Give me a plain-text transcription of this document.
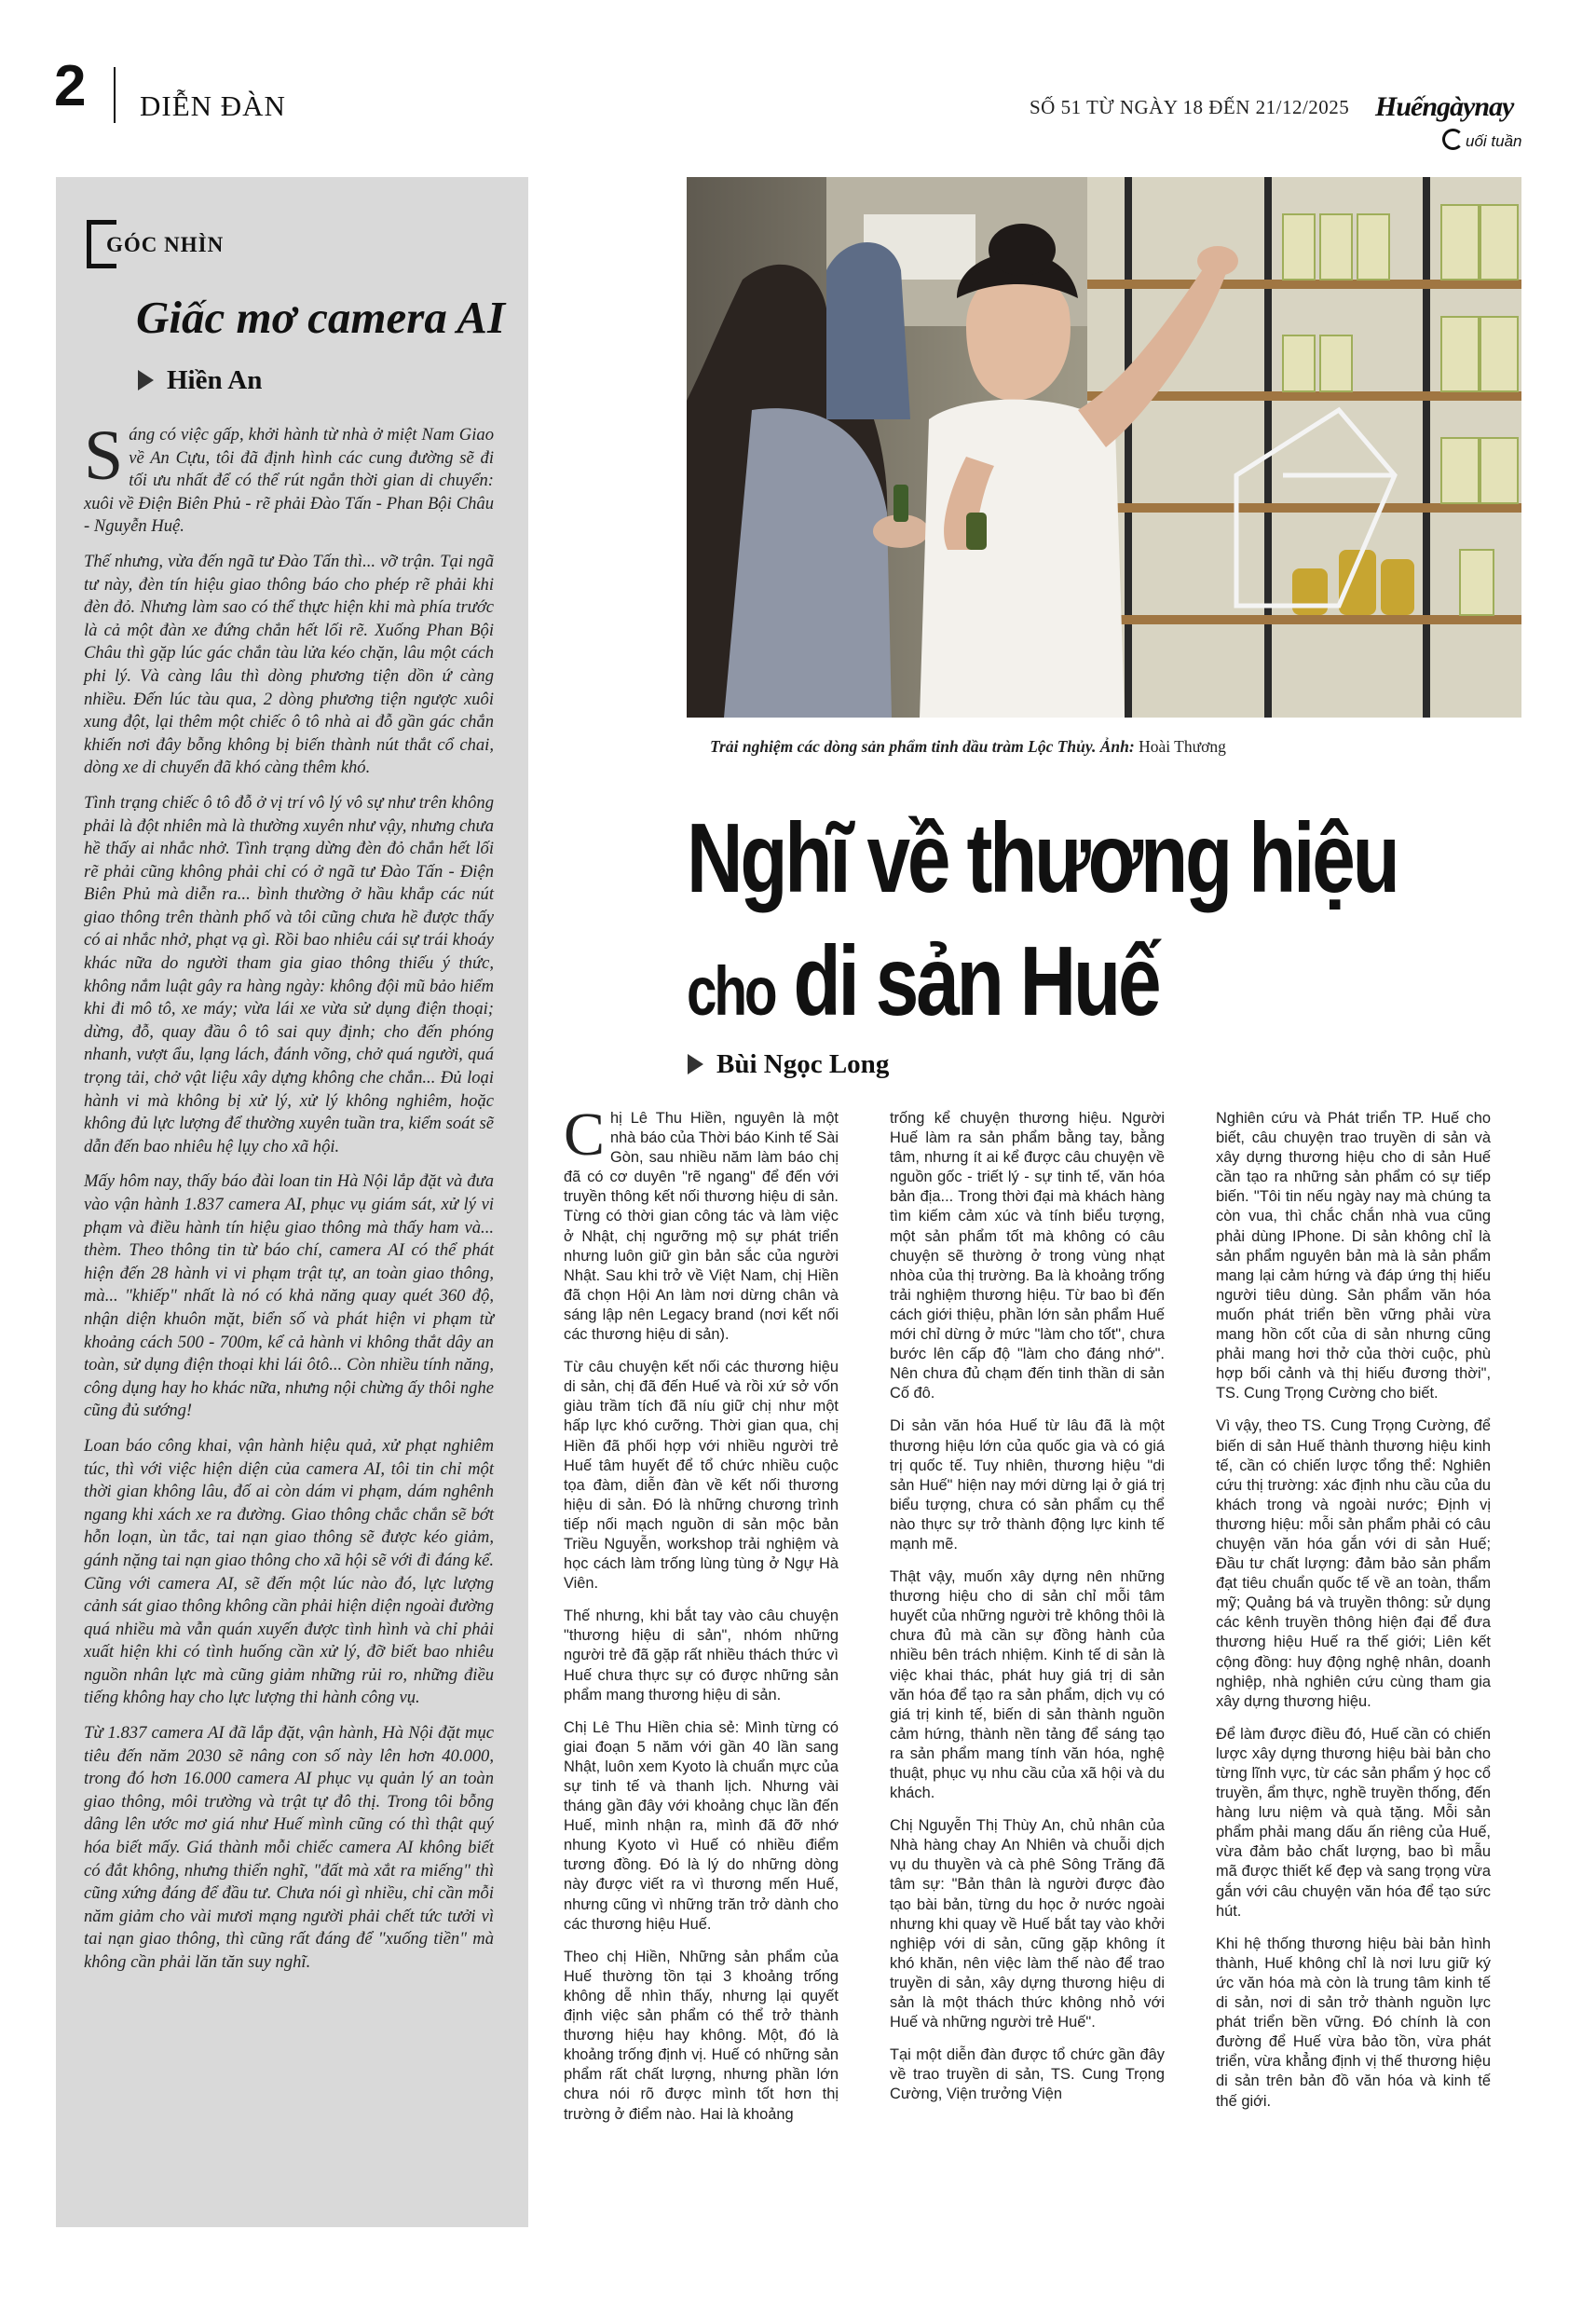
2 DIỄN ĐÀN	SỐ 51 TỪ NGÀY 18 ĐẾN 21/12/2025 Huếngàynay
uối tuần
GÓC NHÌN
Giấc mơ camera AI
Hiền An

Sáng có việc gấp, khởi hành từ nhà ở miệt Nam Giao về An Cựu, tôi đã định hình các cung đường sẽ đi tối ưu nhất để có thể rút ngắn thời gian di chuyển: xuôi về Điện Biên Phủ - rẽ phải Đào Tấn - Phan Bội Châu - Nguyễn Huệ.

Thế nhưng, vừa đến ngã tư Đào Tấn thì... vỡ trận. Tại ngã tư này, đèn tín hiệu giao thông báo cho phép rẽ phải khi đèn đỏ. Nhưng làm sao có thể thực hiện khi mà phía trước là cả một đàn xe đứng chắn hết lối rẽ. Xuống Phan Bội Châu thì gặp lúc gác chắn tàu lửa kéo chặn, lâu một cách phi lý. Và càng lâu thì dòng phương tiện dồn ứ càng nhiều. Đến lúc tàu qua, 2 dòng phương tiện ngược xuôi xung đột, lại thêm một chiếc ô tô nhà ai đỗ gần gác chắn khiến nơi đây bỗng không bị biến thành nút thắt cổ chai, dòng xe di chuyển đã khó càng thêm khó.

Tình trạng chiếc ô tô đỗ ở vị trí vô lý vô sự như trên không phải là đột nhiên mà là thường xuyên như vậy, nhưng chưa hề thấy ai nhắc nhở. Tình trạng dừng đèn đỏ chắn hết lối rẽ phải cũng không phải chỉ có ở ngã tư Đào Tấn - Điện Biên Phủ mà diễn ra... bình thường ở hầu khắp các nút giao thông trên thành phố và tôi cũng chưa hề được thấy có ai nhắc nhở, phạt vạ gì. Rồi bao nhiêu cái sự trái khoáy khác nữa do người tham gia giao thông thiếu ý thức, không nắm luật gây ra hàng ngày: không đội mũ bảo hiểm khi đi mô tô, xe máy; vừa lái xe vừa sử dụng điện thoại; dừng, đỗ, quay đầu ô tô sai quy định; cho đến phóng nhanh, vượt ẩu, lạng lách, đánh võng, chở quá người, quá trọng tải, chở vật liệu xây dựng không che chắn... Đủ loại hành vi mà không bị xử lý, xử lý không nghiêm, hoặc không đủ lực lượng để thường xuyên tuần tra, kiểm soát sẽ dẫn đến bao nhiêu hệ lụy cho xã hội.

Mấy hôm nay, thấy báo đài loan tin Hà Nội lắp đặt và đưa vào vận hành 1.837 camera AI, phục vụ giám sát, xử lý vi phạm và điều hành tín hiệu giao thông mà thấy ham và... thèm. Theo thông tin từ báo chí, camera AI có thể phát hiện đến 28 hành vi vi phạm trật tự, an toàn giao thông, mà... "khiếp" nhất là nó có khả năng quay quét 360 độ, nhận diện khuôn mặt, biển số và phát hiện vi phạm từ khoảng cách 500 - 700m, kể cả hành vi không thắt dây an toàn, sử dụng điện thoại khi lái ôtô... Còn nhiều tính năng, công dụng hay ho khác nữa, nhưng nội chừng ấy thôi nghe cũng đủ sướng!

Loan báo công khai, vận hành hiệu quả, xử phạt nghiêm túc, thì với việc hiện diện của camera AI, tôi tin chỉ một thời gian không lâu, đố ai còn dám vi phạm, dám nghênh ngang khi xách xe ra đường. Giao thông chắc chắn sẽ bớt hỗn loạn, ùn tắc, tai nạn giao thông sẽ được kéo giảm, gánh nặng tai nạn giao thông cho xã hội sẽ với đi đáng kể. Cũng với camera AI, sẽ đến một lúc nào đó, lực lượng cảnh sát giao thông không cần phải hiện diện ngoài đường quá nhiều mà vẫn quán xuyến được tình hình và chỉ phải xuất hiện khi có tình huống cần xử lý, đỡ biết bao nhiêu nguồn nhân lực mà cũng giảm những rủi ro, những điều tiếng không hay cho lực lượng thi hành công vụ.

Từ 1.837 camera AI đã lắp đặt, vận hành, Hà Nội đặt mục tiêu đến năm 2030 sẽ nâng con số này lên hơn 40.000, trong đó hơn 16.000 camera AI phục vụ quản lý an toàn giao thông, môi trường và trật tự đô thị. Trong tôi bỗng dâng lên ước mơ giá như Huế mình cũng có thì thật quý hóa biết mấy. Giá thành mỗi chiếc camera AI không biết có đắt không, nhưng thiển nghĩ, "đất mà xắt ra miếng" thì cũng xứng đáng để đầu tư. Chưa nói gì nhiều, chỉ cần mỗi năm giảm cho vài mươi mạng người phải chết tức tưởi vì tai nạn giao thông, thì cũng rất đáng để "xuống tiền" mà không cần phải lăn tăn suy nghĩ.

Trải nghiệm các dòng sản phẩm tinh dầu tràm Lộc Thủy. Ảnh: Hoài Thương
Nghĩ về thương hiệu
cho di sản Huế
Bùi Ngọc Long

Chị Lê Thu Hiền, nguyên là một nhà báo của Thời báo Kinh tế Sài Gòn, sau nhiều năm làm báo chị đã có cơ duyên "rẽ ngang" để đến với truyền thông kết nối thương hiệu di sản. Từng có thời gian công tác và làm việc ở Nhật, chị ngưỡng mộ sự phát triển nhưng luôn giữ gìn bản sắc của người Nhật. Sau khi trở về Việt Nam, chị Hiền đã chọn Hội An làm nơi dừng chân và sáng lập nên Legacy brand (nơi kết nối các thương hiệu di sản).

Từ câu chuyện kết nối các thương hiệu di sản, chị đã đến Huế và rồi xứ sở vốn giàu trầm tích đã níu giữ chị như một hấp lực khó cưỡng. Thời gian qua, chị Hiền đã phối hợp với nhiều người trẻ Huế tâm huyết để tổ chức nhiều cuộc tọa đàm, diễn đàn về kết nối thương hiệu di sản. Đó là những chương trình tiếp nối mạch nguồn di sản mộc bản Triều Nguyễn, workshop trải nghiệm và học cách làm trống lùng tùng ở Ngự Hà Viên.

Thế nhưng, khi bắt tay vào câu chuyện "thương hiệu di sản", nhóm những người trẻ đã gặp rất nhiều thách thức vì Huế chưa thực sự có được những sản phẩm mang thương hiệu di sản.

Chị Lê Thu Hiền chia sẻ: Mình từng có giai đoạn 5 năm với gần 40 lần sang Nhật, luôn xem Kyoto là chuẩn mực của sự tinh tế và thanh lịch. Nhưng vài tháng gần đây với khoảng chục lần đến Huế, mình nhận ra, mình đã đỡ nhớ nhung Kyoto vì Huế có nhiều điểm tương đồng. Đó là lý do những dòng này được viết ra vì thương mến Huế, nhưng cũng vì những trăn trở dành cho các thương hiệu Huế.

Theo chị Hiền, Những sản phẩm của Huế thường tồn tại 3 khoảng trống không dễ nhìn thấy, nhưng lại quyết định việc sản phẩm có thể trở thành thương hiệu hay không. Một, đó là khoảng trống định vị. Huế có những sản phẩm rất chất lượng, nhưng phần lớn chưa nói rõ được mình tốt hơn thị trường ở điểm nào. Hai là khoảng

trống kể chuyện thương hiệu. Người Huế làm ra sản phẩm bằng tay, bằng tâm, nhưng ít ai kể được câu chuyện về nguồn gốc - triết lý - sự tinh tế, văn hóa bản địa... Trong thời đại mà khách hàng tìm kiếm cảm xúc và tính biểu tượng, một sản phẩm tốt mà không có câu chuyện sẽ thường ở trong vùng nhạt nhòa của thị trường. Ba là khoảng trống trải nghiệm thương hiệu. Từ bao bì đến cách giới thiệu, phần lớn sản phẩm Huế mới chỉ dừng ở mức "làm cho tốt", chưa bước lên cấp độ "làm cho đáng nhớ". Nên chưa đủ chạm đến tinh thần di sản Cố đô.

Di sản văn hóa Huế từ lâu đã là một thương hiệu lớn của quốc gia và có giá trị quốc tế. Tuy nhiên, thương hiệu "di sản Huế" hiện nay mới dừng lại ở giá trị biểu tượng, chưa có sản phẩm cụ thể nào thực sự trở thành động lực kinh tế mạnh mẽ.

Thật vậy, muốn xây dựng nên những thương hiệu cho di sản chỉ mỗi tâm huyết của những người trẻ không thôi là chưa đủ mà cần sự đồng hành của nhiều bên trách nhiệm. Kinh tế di sản là việc khai thác, phát huy giá trị di sản văn hóa để tạo ra sản phẩm, dịch vụ có giá trị kinh tế, biến di sản thành nguồn cảm hứng, thành nền tảng để sáng tạo ra sản phẩm mang tính văn hóa, nghệ thuật, phục vụ nhu cầu của xã hội và du khách.

Chị Nguyễn Thị Thùy An, chủ nhân của Nhà hàng chay An Nhiên và chuỗi dịch vụ du thuyền và cà phê Sông Trăng đã tâm sự: "Bản thân là người được đào tạo bài bản, từng du học ở nước ngoài nhưng khi quay về Huế bắt tay vào khởi nghiệp với di sản, cũng gặp không ít khó khăn, nên việc làm thế nào để trao truyền di sản, xây dựng thương hiệu di sản là một thách thức không nhỏ với Huế và những người trẻ Huế".

Tại một diễn đàn được tổ chức gần đây về trao truyền di sản, TS. Cung Trọng Cường, Viện trưởng Viện

Nghiên cứu và Phát triển TP. Huế cho biết, câu chuyện trao truyền di sản và xây dựng thương hiệu cho di sản Huế cần tạo ra những sản phẩm có sự tiếp biến. "Tôi tin nếu ngày nay mà chúng ta còn vua, thì chắc chắn nhà vua cũng phải dùng IPhone. Di sản không chỉ là sản phẩm nguyên bản mà là sản phẩm mang lại cảm hứng và đáp ứng thị hiếu người tiêu dùng. Sản phẩm văn hóa muốn phát triển bền vững phải vừa mang hồn cốt của di sản nhưng cũng phải mang hơi thở của thời cuộc, phù hợp bối cảnh và thị hiếu đương thời", TS. Cung Trọng Cường cho biết.

Vì vậy, theo TS. Cung Trọng Cường, để biến di sản Huế thành thương hiệu kinh tế, cần có chiến lược tổng thể: Nghiên cứu thị trường: xác định nhu cầu của du khách trong và ngoài nước; Định vị thương hiệu: mỗi sản phẩm phải có câu chuyện văn hóa gắn với di sản Huế; Đầu tư chất lượng: đảm bảo sản phẩm đạt tiêu chuẩn quốc tế về an toàn, thẩm mỹ; Quảng bá và truyền thông: sử dụng các kênh truyền thông hiện đại để đưa thương hiệu Huế ra thế giới; Liên kết cộng đồng: huy động nghệ nhân, doanh nghiệp, nhà nghiên cứu cùng tham gia xây dựng thương hiệu.

Để làm được điều đó, Huế cần có chiến lược xây dựng thương hiệu bài bản cho từng lĩnh vực, từ các sản phẩm ý học cổ truyền, ẩm thực, nghề truyền thống, đến hàng lưu niệm và quà tặng. Mỗi sản phẩm phải mang dấu ấn riêng của Huế, vừa đảm bảo chất lượng, bao bì mẫu mã được thiết kế đẹp và sang trọng vừa gắn với câu chuyện văn hóa để tạo sức hút.

Khi hệ thống thương hiệu bài bản hình thành, Huế không chỉ là nơi lưu giữ ký ức văn hóa mà còn là trung tâm kinh tế di sản, nơi di sản trở thành nguồn lực phát triển bền vững. Đó chính là con đường để Huế vừa bảo tồn, vừa phát triển, vừa khẳng định vị thế thương hiệu di sản trên bản đồ văn hóa và kinh tế thế giới.
